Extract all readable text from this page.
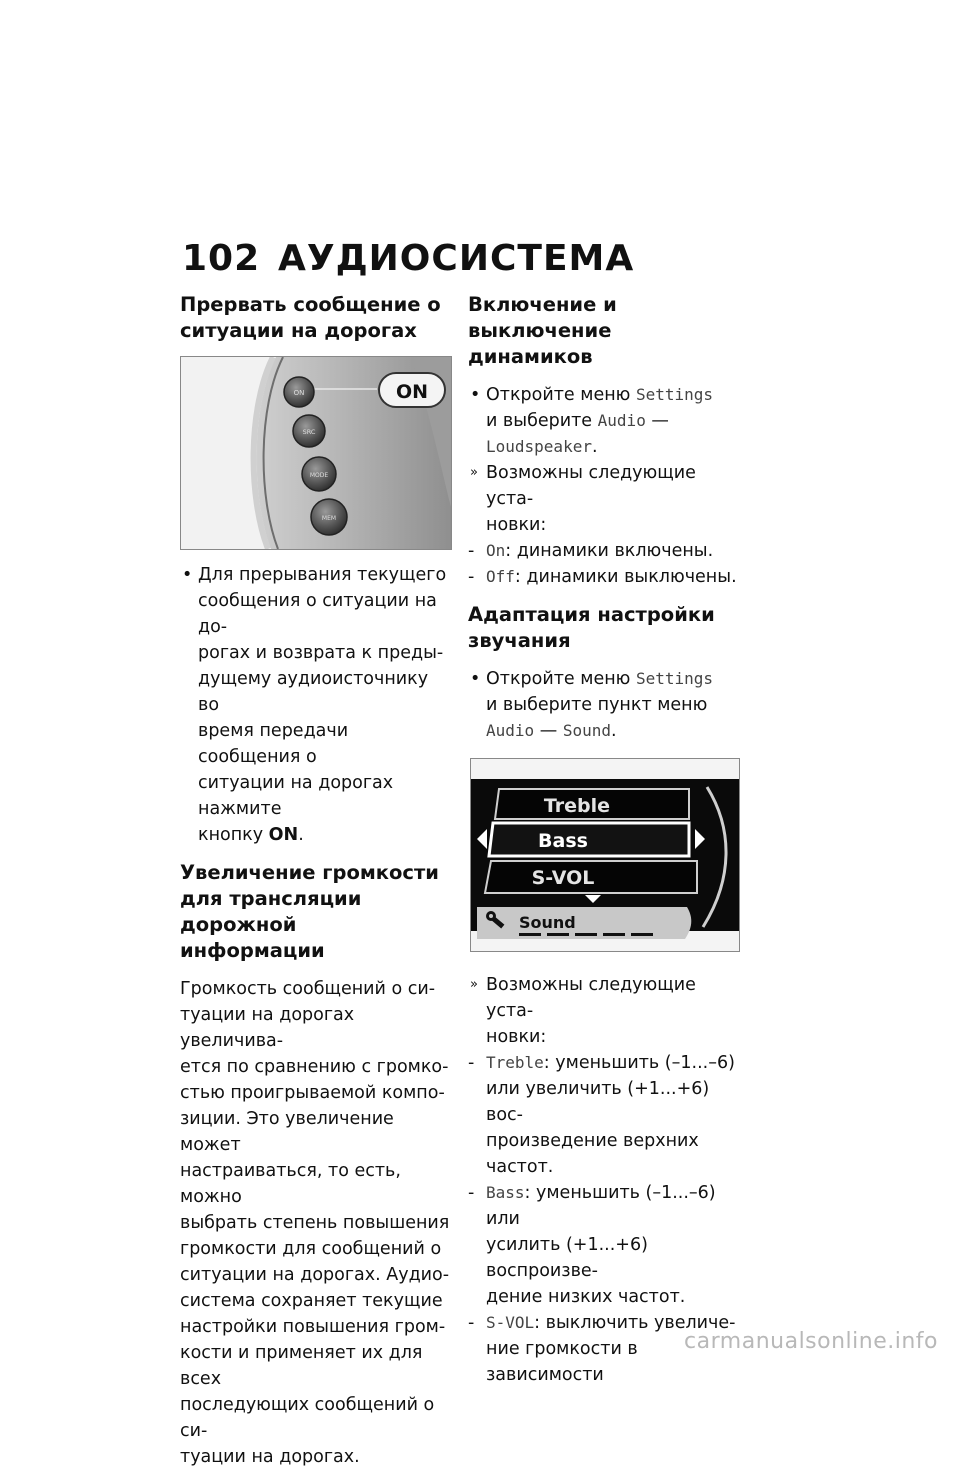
102 АУДИОСИСТЕМА
Прервать сообщение о
ситуации на дорогах
ON
SRC
MODE
MEM
ON
• Для прерывания текущего
сообщения о ситуации на до-
рогах и возврата к преды-
дущему аудиоисточнику во
время передачи сообщения о
ситуации на дорогах нажмите
кнопку ON.
Увеличение громкости
для трансляции дорожной
информации

Громкость сообщений о си-
туации на дорогах увеличива-
ется по сравнению с громко-
стью проигрываемой компо-
зиции. Это увеличение может
настраиваться, то есть, можно
выбрать степень повышения
громкости для сообщений о
ситуации на дорогах. Аудио-
система сохраняет текущие
настройки повышения гром-
кости и применяет их для всех
последующих сообщений о си-
туации на дорогах.

Включение и выключение
динамиков
• Откройте меню Settings
и выберите Audio —
Loudspeaker.
» Возможны следующие уста-
новки:
- On: динамики включены.
- Off: динамики выключены.
Адаптация настройки
звучания
• Откройте меню Settings
и выберите пункт меню
Audio — Sound.
Treble
Bass
S-VOL
Sound
» Возможны следующие уста-
новки:
- Treble: уменьшить (–1...–6)
или увеличить (+1...+6) вос-
произведение верхних частот.
- Bass: уменьшить (–1...–6) или
усилить (+1...+6) воспроизве-
дение низких частот.
- S-VOL: выключить увеличе-
ние громкости в зависимости
carmanualsonline.info
